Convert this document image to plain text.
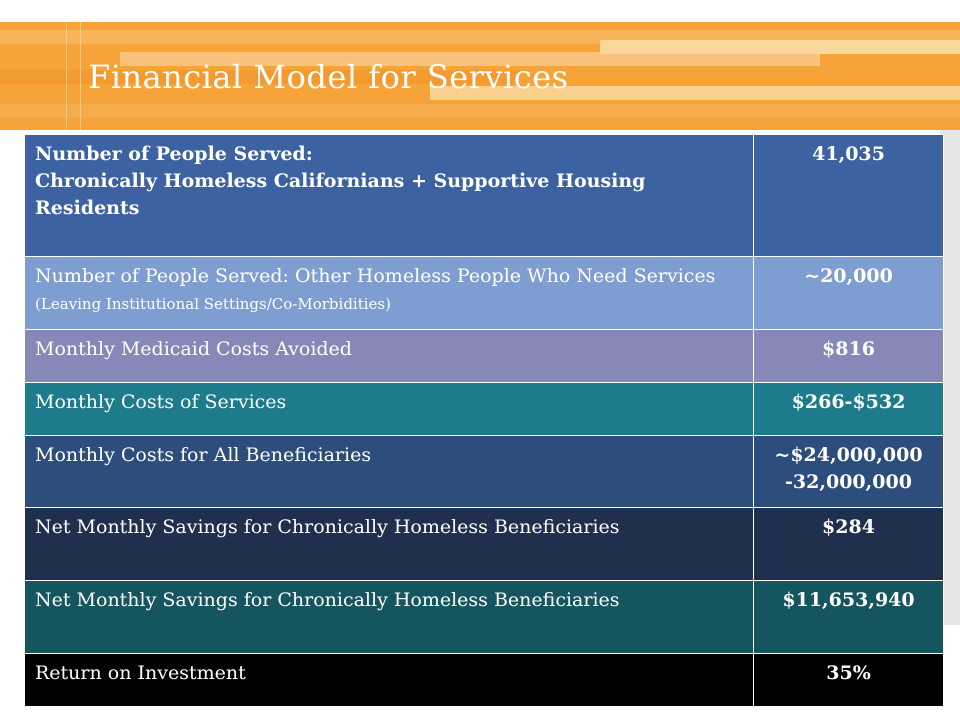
Financial Model for Services
Number of People Served:
Chronically Homeless Californians + Supportive Housing Residents	41,035
Number of People Served: Other Homeless People Who Need Services (Leaving Institutional Settings/Co-Morbidities)	~20,000
Monthly Medicaid Costs Avoided	$816
Monthly Costs of Services	$266-$532
Monthly Costs for All Beneficiaries	~$24,000,000
-32,000,000
Net Monthly Savings for Chronically Homeless Beneficiaries	$284
Net Monthly Savings for Chronically Homeless Beneficiaries	$11,653,940
Return on Investment	35%
